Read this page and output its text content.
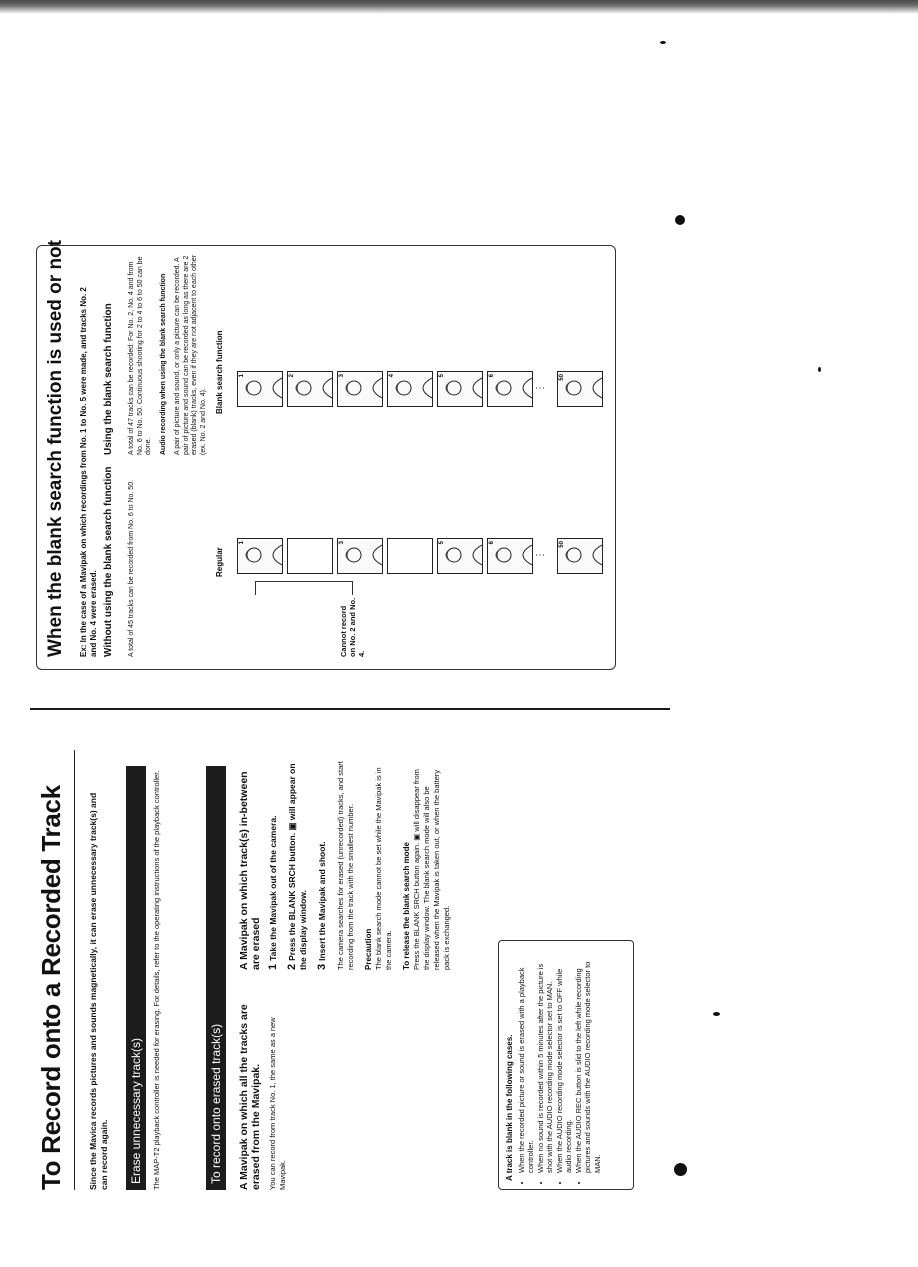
To Record onto a Recorded Track	Since the Mavica records pictures and sounds magnetically, it can erase unnecessary track(s) and can record again. Erase unnecessary track(s)	The MAP-T2 playback controller is needed for erasing. For details, refer to the operating instructions of the playback controller.	To record onto erased track(s) A Mavipak on which all the tracks are erased from the Mavipak. You can record from track No. 1, the same as a new Mavipak.

A Mavipak on which track(s) in-between are erased 1Take the Mavipak out of the camera.
2Press the BLANK SRCH button. ▣ will appear on the display window. 3Insert the Mavipak and shoot. The camera searches for erased (unrecorded) tracks, and start recording from the track with the smallest number. Precaution The blank search mode cannot be set while the Mavipak is in the camera. To release the blank search mode Press the BLANK SRCH button again. ▣ will disappear from the display window. The blank search mode will also be released when the Mavipak is taken out, or when the battery pack is exchanged.

A track is blank in the following cases. • When the recorded picture or sound is erased with a playback controller. • When no sound is recorded within 5 minutes after the picture is shot with the AUDIO recording mode selector set to MAN. • When the AUDIO recording mode selector is set to OFF while audio recording. • When the AUDIO REC button is slid to the left while recording pictures and sounds with the AUDIO recording mode selector to MAN.
When the blank search function is used or not Ex: In the case of a Mavipak on which recordings from No. 1 to No. 5 were made, and tracks No. 2 and No. 4 were erased. Without using the blank search function A total of 45 tracks can be recorded from No. 6 to No. 50.

Using the blank search function A total of 47 tracks can be recorded: For No. 2, No. 4 and from No. 6 to No. 50. Continuous shooting for 2 to 4 to 6 to 50 can be done. Audio recording when using the blank search function A pair of picture and sound, or only a picture can be recorded. A pair of picture and sound can be recorded as long as there are 2 erased (blank) tracks, even if they are not adjacent to each other (ex. No. 2 and No. 4).

Regular
Blank search function
1	3	5	6	50
⋮
1	2	3	4	5	6	50
⋮
Cannot record on No. 2 and No. 4.
